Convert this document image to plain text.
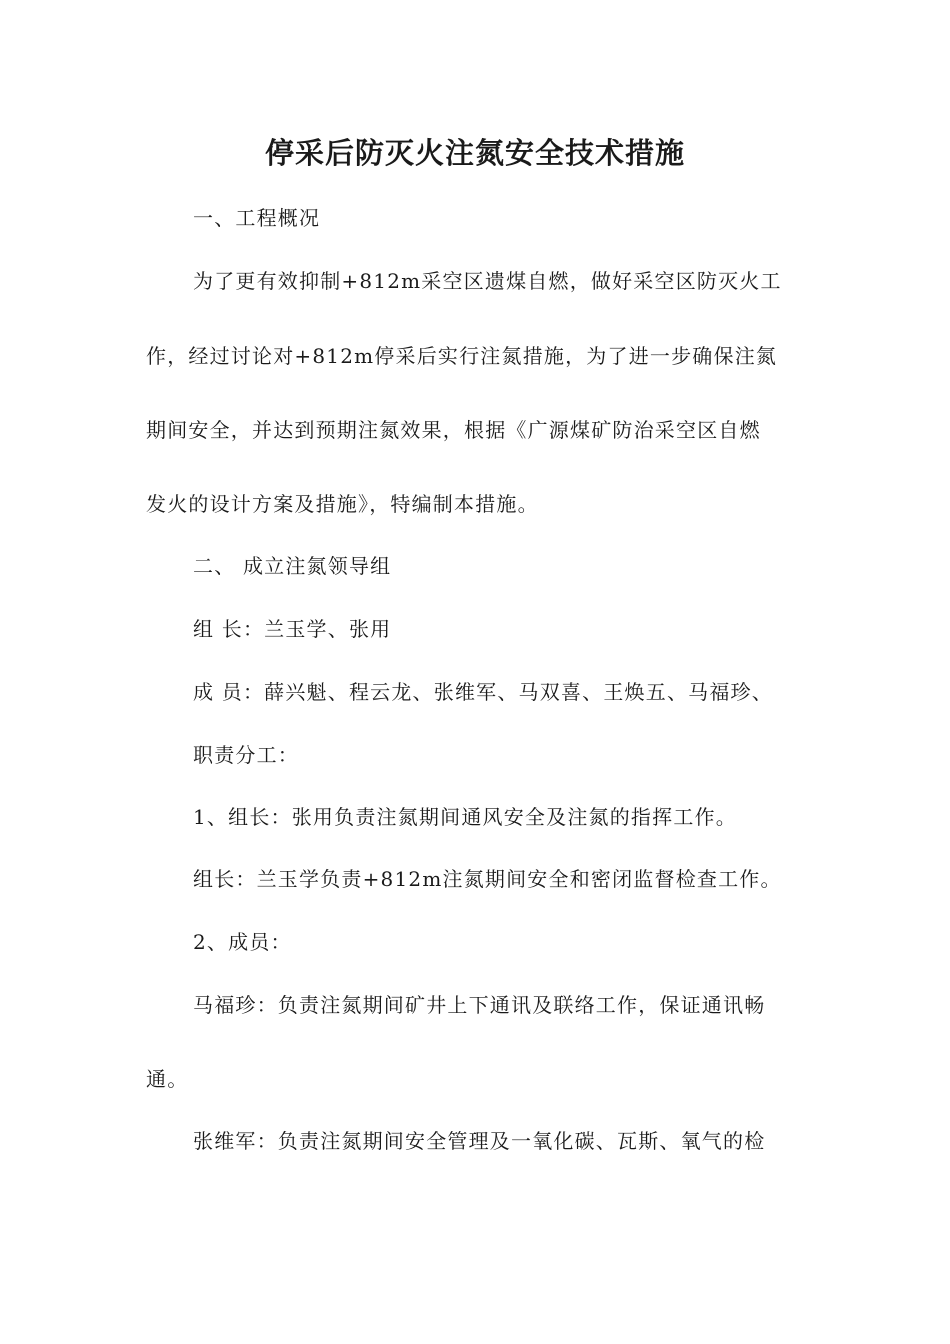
停采后防灭火注氮安全技术措施
一、工程概况
为了更有效抑制+812m采空区遗煤自燃，做好采空区防灭火工
作，经过讨论对+812m停采后实行注氮措施，为了进一步确保注氮
期间安全，并达到预期注氮效果，根据《广源煤矿防治采空区自燃
发火的设计方案及措施》，特编制本措施。
二、 成立注氮领导组
组 长：兰玉学、张用
成 员：薛兴魁、程云龙、张维军、马双喜、王焕五、马福珍、
职责分工：
1、组长：张用负责注氮期间通风安全及注氮的指挥工作。
组长：兰玉学负责+812m注氮期间安全和密闭监督检查工作。
2、成员：
马福珍：负责注氮期间矿井上下通讯及联络工作，保证通讯畅
通。
张维军：负责注氮期间安全管理及一氧化碳、瓦斯、氧气的检
